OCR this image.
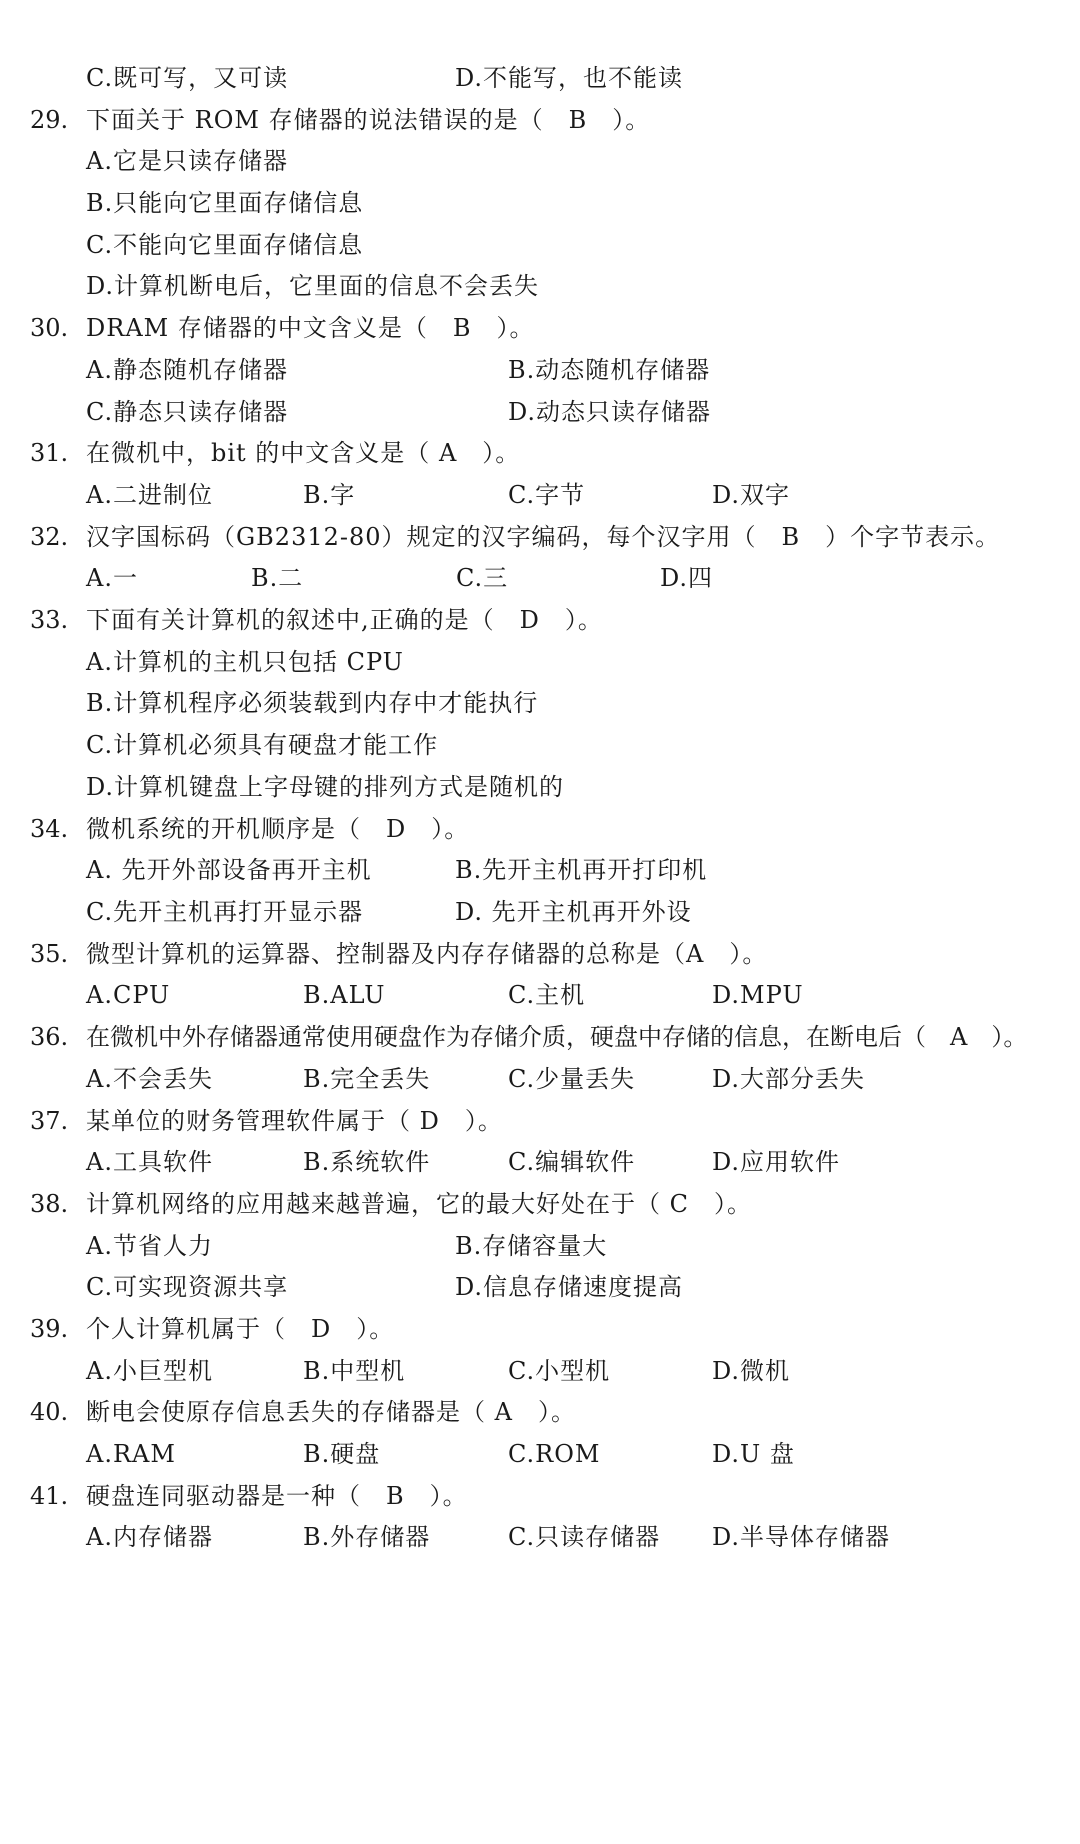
C.既可写，又可读	D.不能写，也不能读
29. 下面关于 ROM 存储器的说法错误的是（　B　）。
A.它是只读存储器
B.只能向它里面存储信息
C.不能向它里面存储信息
D.计算机断电后，它里面的信息不会丢失
30. DRAM 存储器的中文含义是（　B　）。
A.静态随机存储器	B.动态随机存储器
C.静态只读存储器	D.动态只读存储器
31. 在微机中，bit 的中文含义是（ A　）。
A.二进制位	B.字	C.字节	D.双字
32. 汉字国标码（GB2312-80）规定的汉字编码，每个汉字用（　B　）个字节表示。
A.一	B.二	C.三	D.四
33. 下面有关计算机的叙述中,正确的是（　D　）。
A.计算机的主机只包括 CPU
B.计算机程序必须装载到内存中才能执行
C.计算机必须具有硬盘才能工作
D.计算机键盘上字母键的排列方式是随机的
34. 微机系统的开机顺序是（　D　）。
A. 先开外部设备再开主机	B.先开主机再开打印机
C.先开主机再打开显示器	D. 先开主机再开外设
35. 微型计算机的运算器、控制器及内存存储器的总称是（A　）。
A.CPU	B.ALU	C.主机	D.MPU
36. 在微机中外存储器通常使用硬盘作为存储介质，硬盘中存储的信息，在断电后（　A　）。
A.不会丢失	B.完全丢失	C.少量丢失	D.大部分丢失
37. 某单位的财务管理软件属于（ D　）。
A.工具软件	B.系统软件	C.编辑软件	D.应用软件
38. 计算机网络的应用越来越普遍，它的最大好处在于（ C　）。
A.节省人力	B.存储容量大
C.可实现资源共享	D.信息存储速度提高
39. 个人计算机属于（　D　）。
A.小巨型机	B.中型机	C.小型机	D.微机
40. 断电会使原存信息丢失的存储器是（ A　）。
A.RAM	B.硬盘	C.ROM	D.U 盘
41. 硬盘连同驱动器是一种（　B　）。
A.内存储器	B.外存储器	C.只读存储器 D.半导体存储器
